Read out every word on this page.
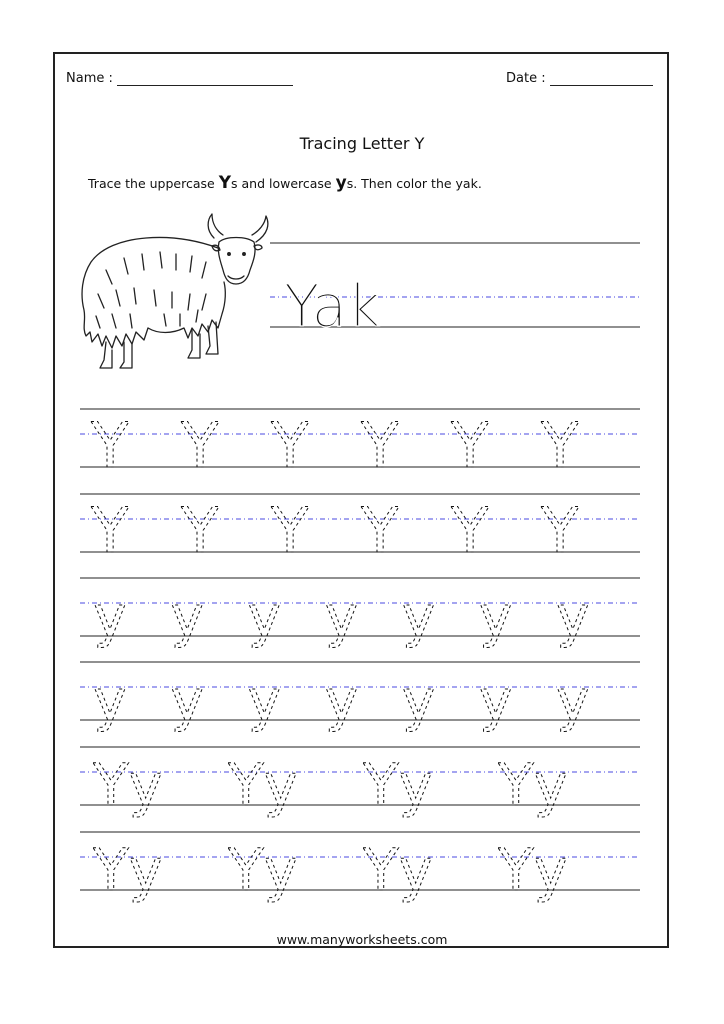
Name :	Date :
Tracing Letter Y
Trace the uppercase Ys and lowercase ys. Then color the yak.
Yak
Y Y Y Y Y Y
Y Y Y Y Y Y
y y y y y y y
y y y y y y y
Yy Yy Yy Yy
Yy Yy Yy Yy
www.manyworksheets.com
